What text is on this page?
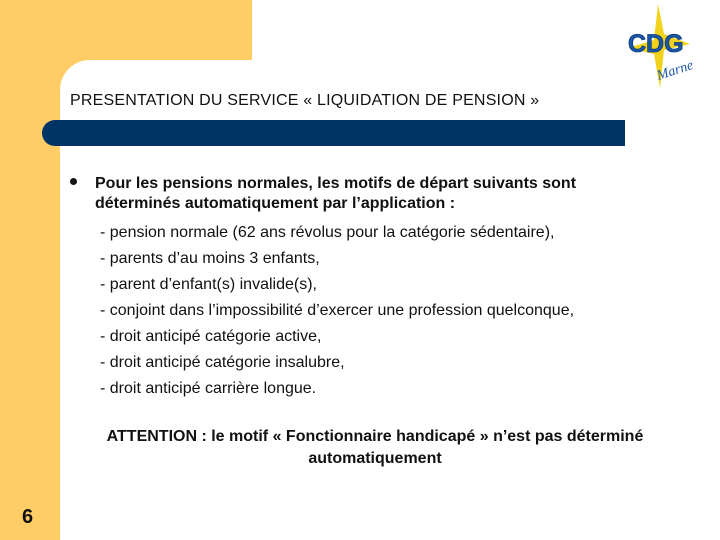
CDG
Marne
PRESENTATION DU SERVICE « LIQUIDATION DE PENSION »
Pour les pensions normales, les motifs de départ suivants sont
déterminés automatiquement par l’application :
- pension normale (62 ans révolus pour la catégorie sédentaire),
- parents d’au moins 3 enfants,
- parent d’enfant(s) invalide(s),
- conjoint dans l’impossibilité d’exercer une profession quelconque,
- droit anticipé catégorie active,
- droit anticipé catégorie insalubre,
- droit anticipé carrière longue.
ATTENTION : le motif « Fonctionnaire handicapé » n’est pas déterminé
automatiquement
6
